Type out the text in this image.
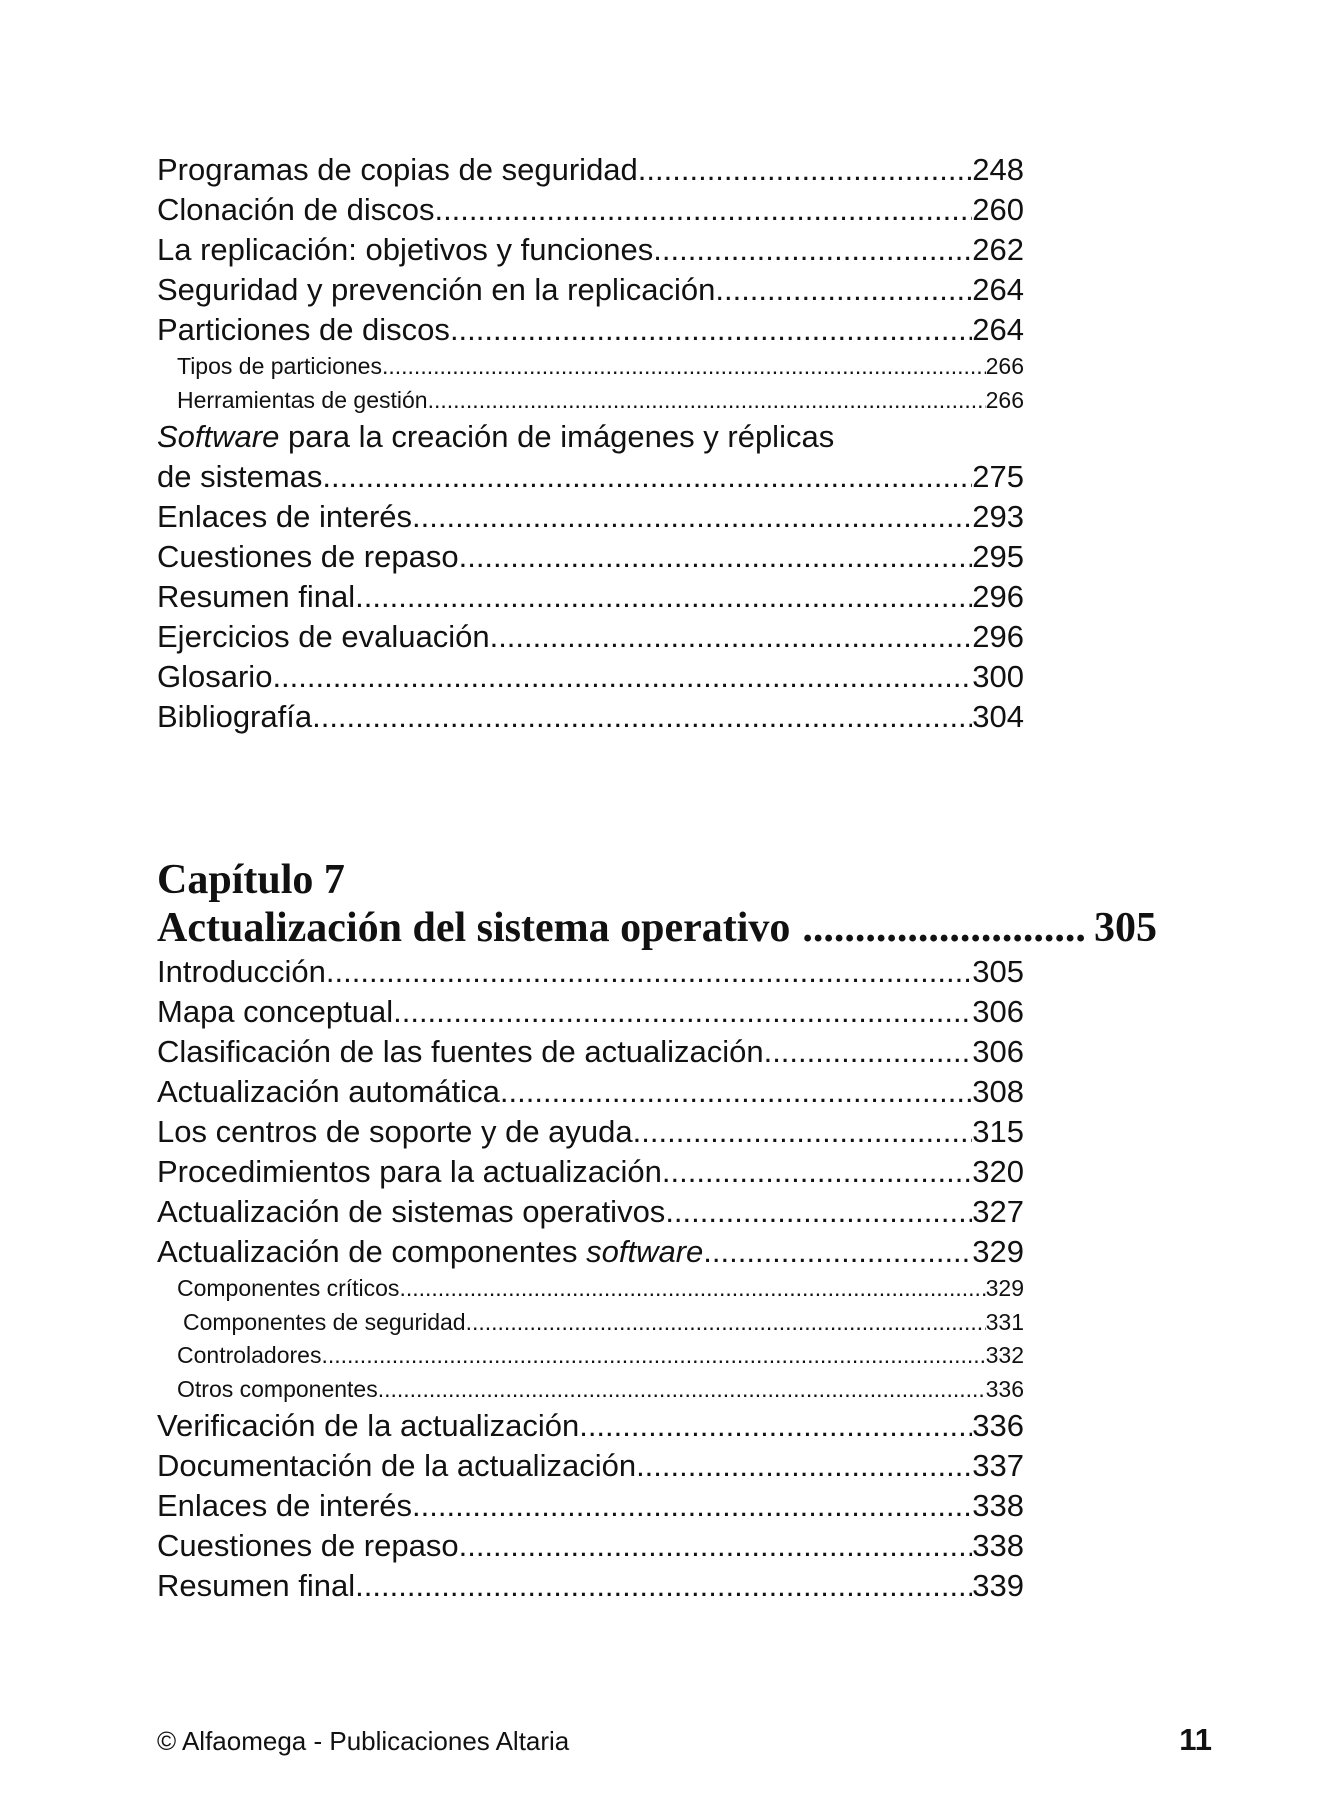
Programas de copias de seguridad .....	248
Clonación de discos .....	260
La replicación: objetivos y funciones .....	262
Seguridad y prevención en la replicación .....	264
Particiones de discos .....	264
Tipos de particiones .....	266
Herramientas de gestión .....	266
Software para la creación de imágenes y réplicas
de sistemas .....	275
Enlaces de interés .....	293
Cuestiones de repaso .....	295
Resumen final .....	296
Ejercicios de evaluación .....	296
Glosario .....	300
Bibliografía .....	304
Capítulo 7
Actualización del sistema operativo .....	305
Introducción .....	305
Mapa conceptual .....	306
Clasificación de las fuentes de actualización .....	306
Actualización automática .....	308
Los centros de soporte y de ayuda .....	315
Procedimientos para la actualización .....	320
Actualización de sistemas operativos .....	327
Actualización de componentes software .....	329
Componentes críticos .....	329
Componentes de seguridad .....	331
Controladores .....	332
Otros componentes .....	336
Verificación de la actualización .....	336
Documentación de la actualización .....	337
Enlaces de interés .....	338
Cuestiones de repaso .....	338
Resumen final .....	339
© Alfaomega - Publicaciones Altaria	11
